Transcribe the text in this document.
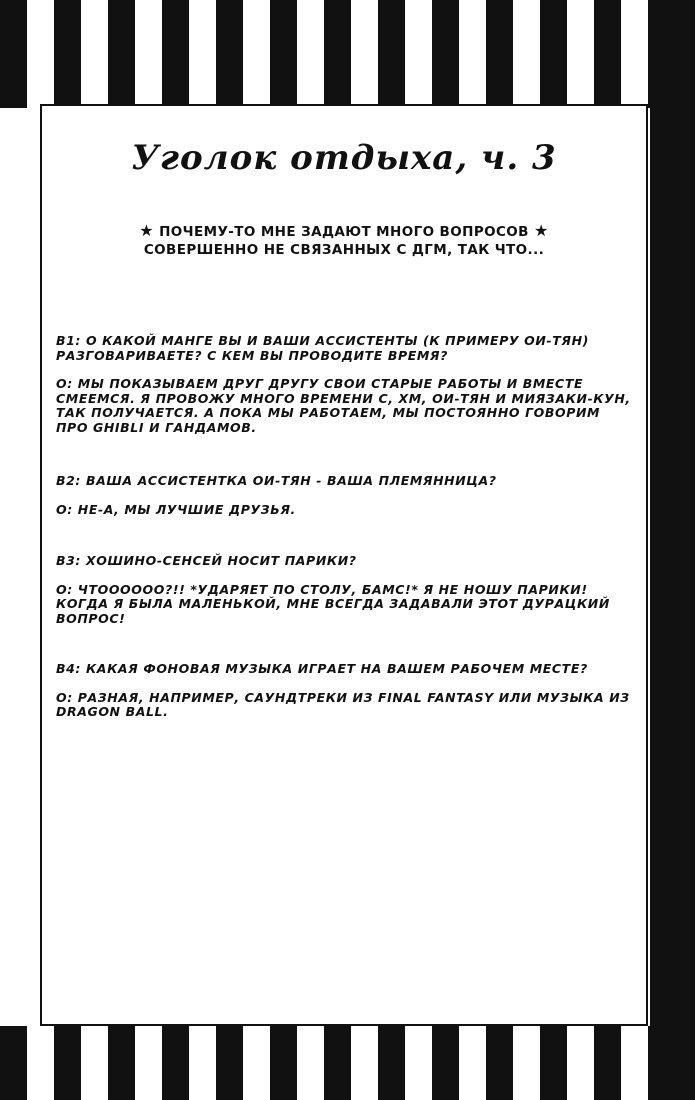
Уголок отдыха, ч. 3
★ ПОЧЕМУ-ТО МНЕ ЗАДАЮТ МНОГО ВОПРОСОВ ★
СОВЕРШЕННО НЕ СВЯЗАННЫХ С ДГМ, ТАК ЧТО...

В1: О КАКОЙ МАНГЕ ВЫ И ВАШИ АССИСТЕНТЫ (К ПРИМЕРУ ОИ-ТЯН) РАЗГОВАРИВАЕТЕ? С КЕМ ВЫ ПРОВОДИТЕ ВРЕМЯ?

О: МЫ ПОКАЗЫВАЕМ ДРУГ ДРУГУ СВОИ СТАРЫЕ РАБОТЫ И ВМЕСТЕ СМЕЕМСЯ. Я ПРОВОЖУ МНОГО ВРЕМЕНИ С, ХМ, ОИ-ТЯН И МИЯЗАКИ-КУН, ТАК ПОЛУЧАЕТСЯ. А ПОКА МЫ РАБОТАЕМ, МЫ ПОСТОЯННО ГОВОРИМ ПРО GHIBLI И ГАНДАМОВ.

В2: ВАША АССИСТЕНТКА ОИ-ТЯН - ВАША ПЛЕМЯННИЦА?

О: НЕ-А, МЫ ЛУЧШИЕ ДРУЗЬЯ.

В3: ХОШИНО-СЕНСЕЙ НОСИТ ПАРИКИ?

О: ЧТОООООО?!! *УДАРЯЕТ ПО СТОЛУ, БАМС!* Я НЕ НОШУ ПАРИКИ! КОГДА Я БЫЛА МАЛЕНЬКОЙ, МНЕ ВСЕГДА ЗАДАВАЛИ ЭТОТ ДУРАЦКИЙ ВОПРОС!

В4: КАКАЯ ФОНОВАЯ МУЗЫКА ИГРАЕТ НА ВАШЕМ РАБОЧЕМ МЕСТЕ?

О: РАЗНАЯ, НАПРИМЕР, САУНДТРЕКИ ИЗ FINAL FANTASY ИЛИ МУЗЫКА ИЗ DRAGON BALL.
